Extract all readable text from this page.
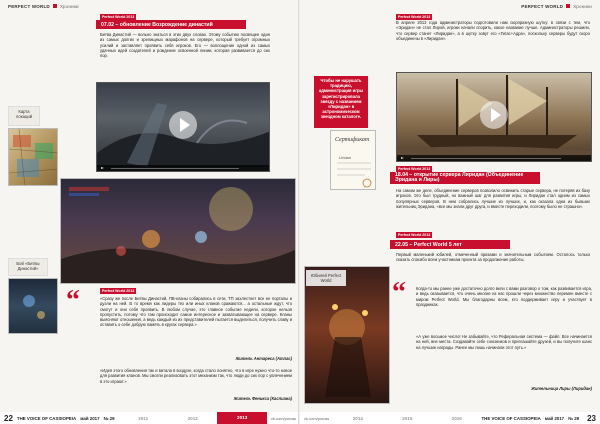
PERFECT WORLD Хроники
Perfect World 2013
07.02 – обновление Возрождение династий
Битва Династий — вольно знаться в этих двух словах. Этому событию посвящен один из самых долгих и зрелищных марафонов на сервере, который требует огромных усилий и заставляет проявить себя игроков. Его — воплощение одной из самых удачных идей создателей и рождение освоенной линии, которая развивается до сих пор.
Карта локаций
Бой «Битвы Династий»
“	Perfect World 2013
«Сразу же после Битвы Династий, ПВ-кланы собирались в сети, ТП захлестнет все ее порталы и дуэли на ней. В то время как лидеры тех или иных кланов сражаются... а остальные ждут, что смогут и они себя проявить. В любом случае, это главное событие недели, которое нельзя пропустить, потому что там происходит самое интересное и захватывающее на сервере. Кланы выясняют отношения, а ведь каждый из их представителей пытается выделиться, получить славу и оставить о себе добрую память в кругах сервера.»
Житель Антареса (Атлас)
«Идея этого обновления так и витала в воздухе, когда стало понятно, что в игре нужно что-то новое для развития кланов. Мы смогли реализовать этот механизм так, что люди до сих пор с увлечением в это играют.»
Житель Феникса (Каспиана)
22 THE VOICE OF CASSIOPEIA май 2017 № 29	2011	2012	2013	vk.com/pwcas
PERFECT WORLD Хроники
Perfect World 2013
В апреле 2013 года администраторы подготовили нам сюрпризную шутку: в связи с тем, что «Эридан» не стал Лирой, игроки начали спорить, какое название лучше. Администраторы решили, что сервер станет «Лиридан», а в шутку зовут его «Гигас+Адра», поскольку серверы будут скоро объединены в «Лиридан».
Чтобы не нарушать традицию, администрация игры зарегистрировала звезду с названием «Лиридан» в астрономическом звездном каталоге.
Сертификат
Liridan
Perfect World 2013
18.04 – открытие сервера Лиридан (Объединение Эридана и Лиры)
На самом же деле, объединение серверов позволило освежить старые сервера, не потеряв их базу игроков. Это был трудный, но важный шаг для развития игры, и Лиридан стал одним из самых популярных серверов. В нем собрались лучшие из лучших, и, как сказала одна из бывших жительниц Эридана, «все мы знали друг друга, и вместе переходили, поэтому было не страшно».
Perfect World 2013
22.05 – Perfect World 5 лет
Первый маленький юбилей, отмеченный призами и значительным событием. Осталось только сказать спасибо всем участникам проекта за продолжение работы.
Юбилей Perfect World	“ Когда-то мы ранее уже достаточно долго вели с вами разговор о том, как развивается игра, и ведь оказывается, что очень многие из нас прошли через множество перемен вместе с миром Perfect World. Мы благодарны всем, кто поддерживает игру и участвует в праздниках.
«А уже восьмое число! Не забывайте, что Реферальная система — файл. Все начинается на ней, вне места. Создавайте себе союзников и приглашайте друзей, и вы получите шанс на лучшие награды. Ранее мы лишь начинали этот путь.»
Жительница Лиры (Лиридан)
vk.com/pwcas	2014	2015	2016	THE VOICE OF CASSIOPEIA май 2017 № 29	23
